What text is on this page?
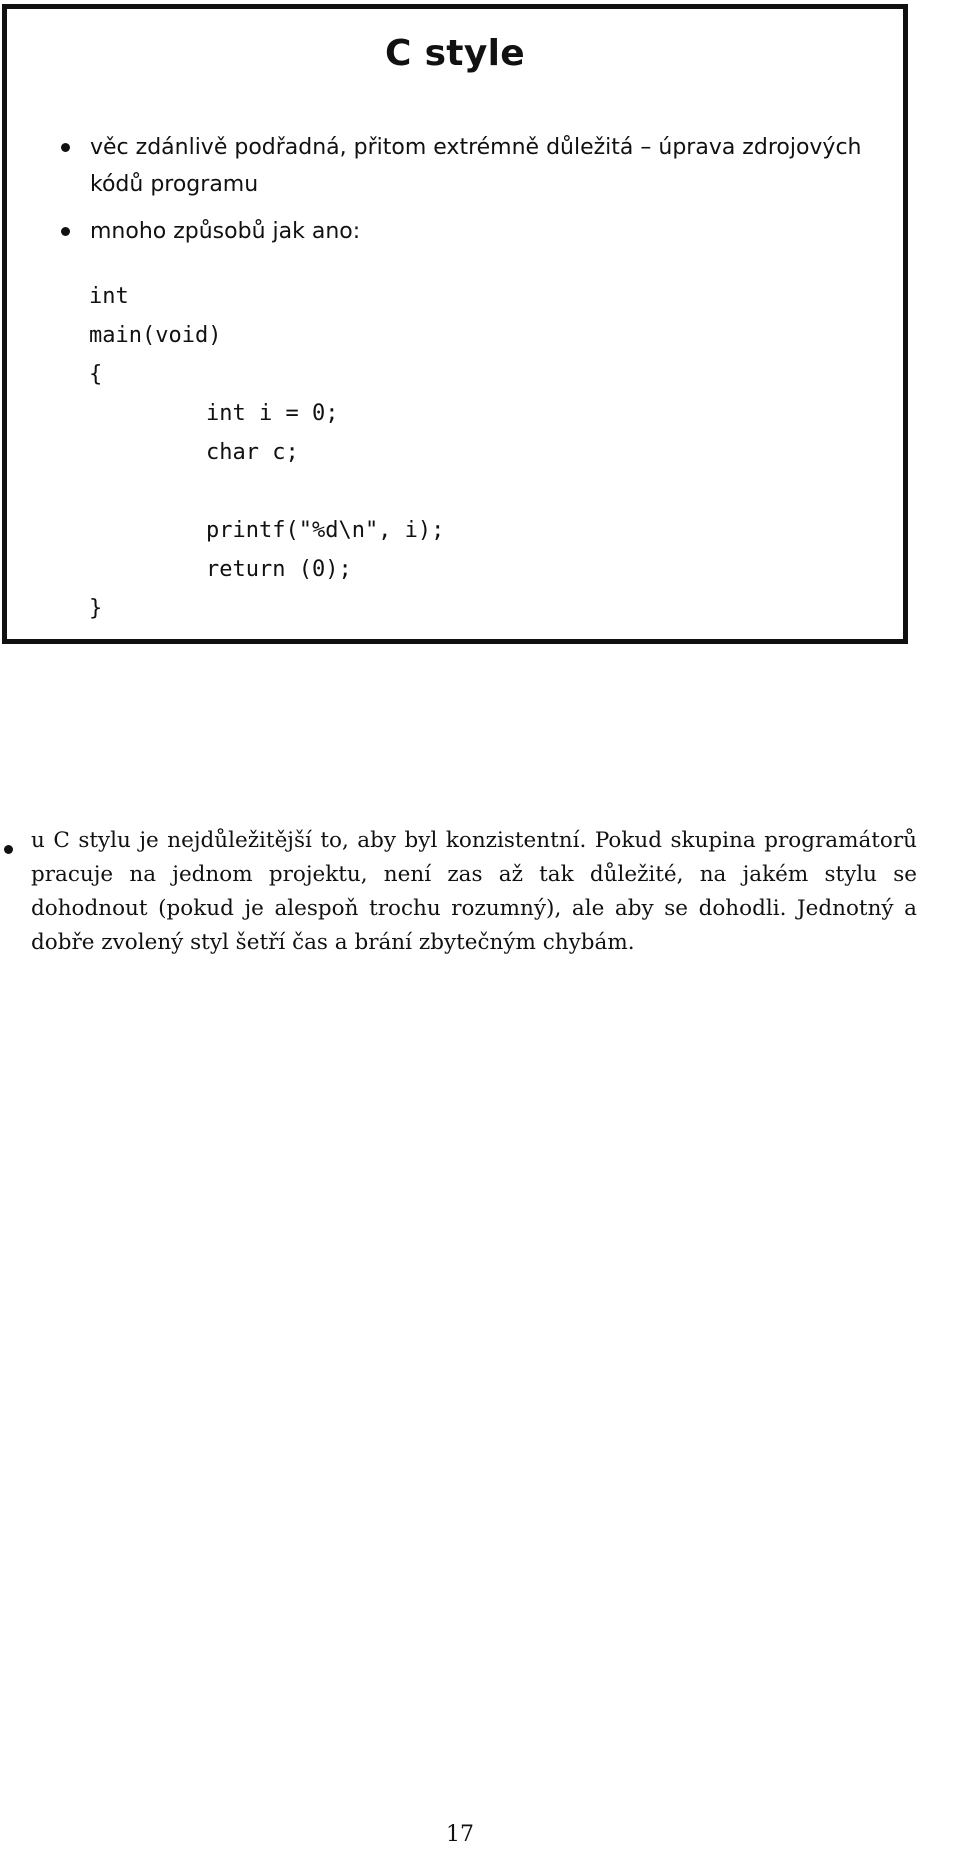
C style
věc zdánlivě podřadná, přitom extrémně důležitá – úprava zdrojových kódů programu
mnoho způsobů jak ano:
int
main(void)
{
int i = 0;
char c;
printf("%d\n", i);
return (0);
}

u C stylu je nejdůležitější to, aby byl konzistentní. Pokud skupina programátorů pracuje na jednom projektu, není zas až tak důležité, na jakém stylu se dohodnout (pokud je alespoň trochu rozumný), ale aby se dohodli. Jednotný a dobře zvolený styl šetří čas a brání zbytečným chybám.

17
